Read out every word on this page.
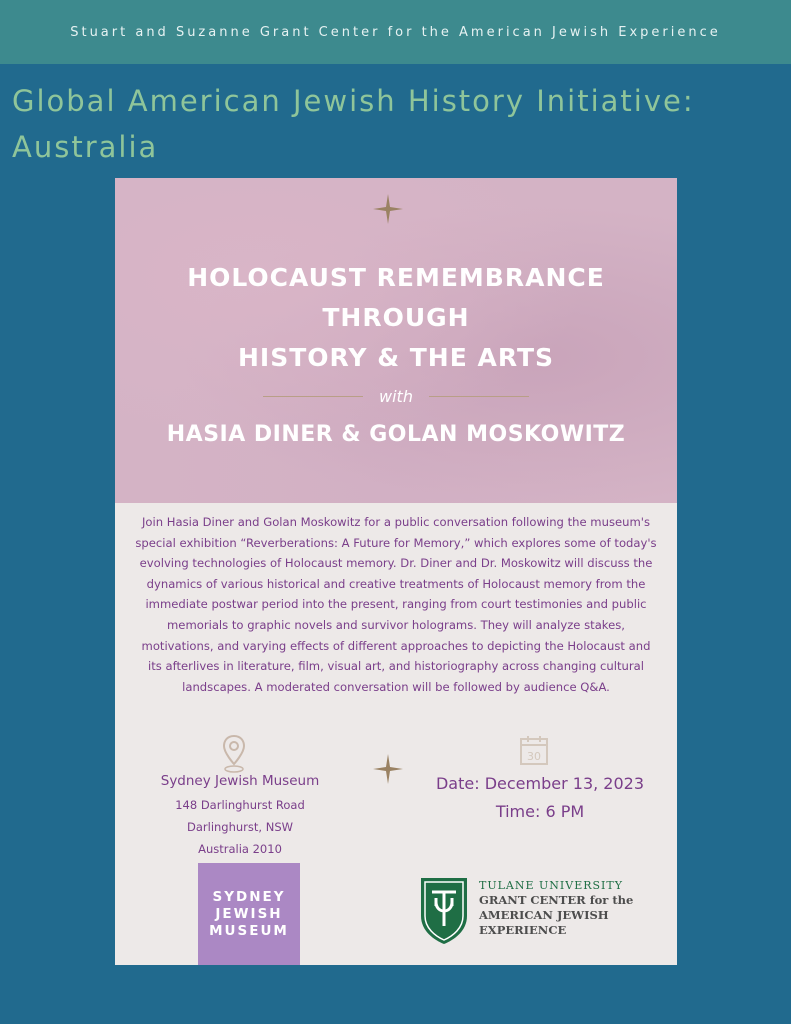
Stuart and Suzanne Grant Center for the American Jewish Experience
Global American Jewish History Initiative: Australia
HOLOCAUST REMEMBRANCE
THROUGH
HISTORY & THE ARTS
with
HASIA DINER & GOLAN MOSKOWITZ
Join Hasia Diner and Golan Moskowitz for a public conversation following the museum's special exhibition “Reverberations: A Future for Memory,” which explores some of today's evolving technologies of Holocaust memory. Dr. Diner and Dr. Moskowitz will discuss the dynamics of various historical and creative treatments of Holocaust memory from the immediate postwar period into the present, ranging from court testimonies and public memorials to graphic novels and survivor holograms. They will analyze stakes, motivations, and varying effects of different approaches to depicting the Holocaust and its afterlives in literature, film, visual art, and historiography across changing cultural landscapes. A moderated conversation will be followed by audience Q&A.
30
Sydney Jewish Museum
148 Darlinghurst Road
Darlinghurst, NSW
Australia 2010
Date: December 13, 2023
Time: 6 PM
SYDNEY
JEWISH
MUSEUM
TULANE UNIVERSITY
GRANT CENTER for the
AMERICAN JEWISH
EXPERIENCE
